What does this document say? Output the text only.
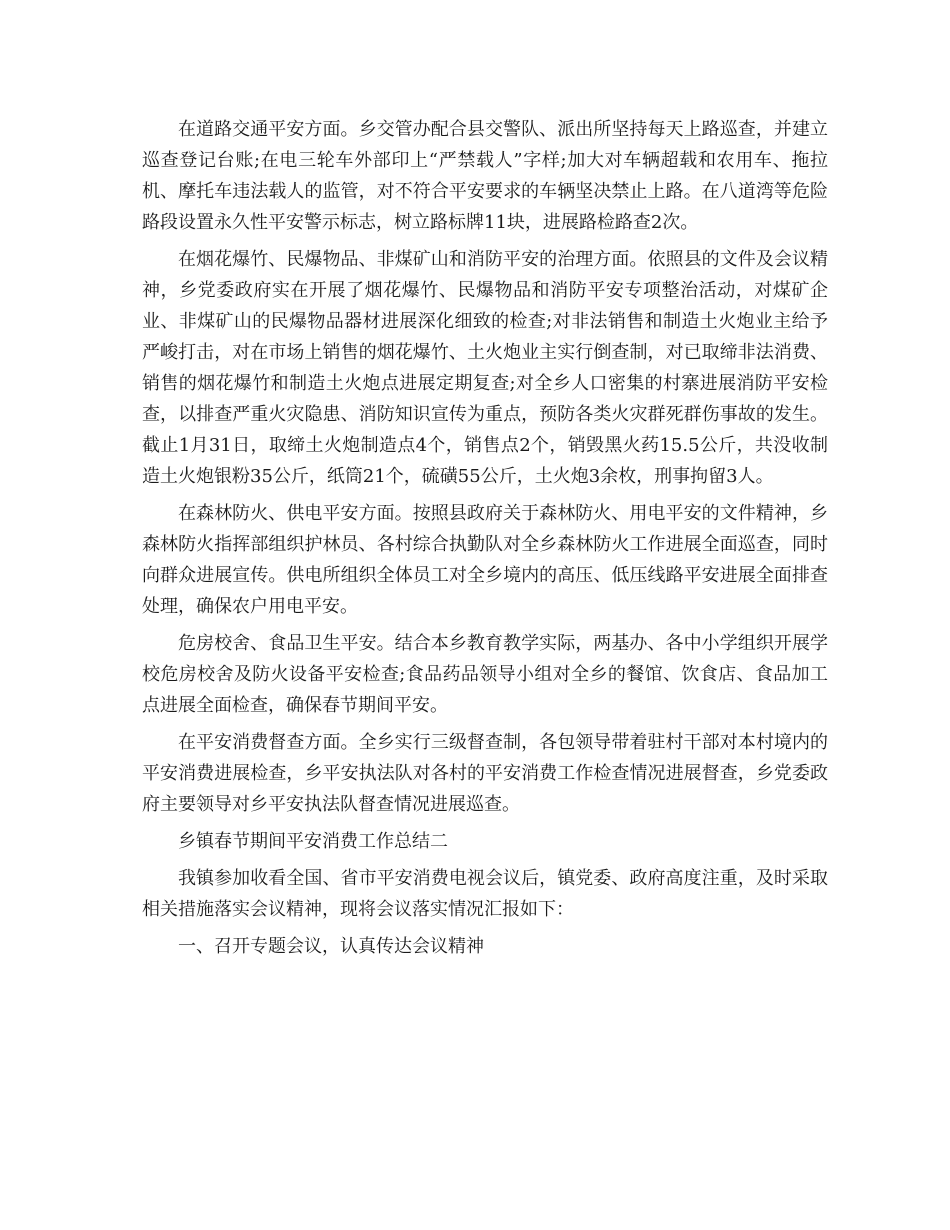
在道路交通平安方面。乡交管办配合县交警队、派出所坚持每天上路巡查，并建立巡查登记台账;在电三轮车外部印上“严禁载人”字样;加大对车辆超载和农用车、拖拉机、摩托车违法载人的监管，对不符合平安要求的车辆坚决禁止上路。在八道湾等危险路段设置永久性平安警示标志，树立路标牌11块，进展路检路查2次。

在烟花爆竹、民爆物品、非煤矿山和消防平安的治理方面。依照县的文件及会议精神，乡党委政府实在开展了烟花爆竹、民爆物品和消防平安专项整治活动，对煤矿企业、非煤矿山的民爆物品器材进展深化细致的检查;对非法销售和制造土火炮业主给予严峻打击，对在市场上销售的烟花爆竹、土火炮业主实行倒查制，对已取缔非法消费、销售的烟花爆竹和制造土火炮点进展定期复查;对全乡人口密集的村寨进展消防平安检查，以排查严重火灾隐患、消防知识宣传为重点，预防各类火灾群死群伤事故的发生。截止1月31日，取缔土火炮制造点4个，销售点2个，销毁黑火药15.5公斤，共没收制造土火炮银粉35公斤，纸筒21个，硫磺55公斤，土火炮3余枚，刑事拘留3人。

在森林防火、供电平安方面。按照县政府关于森林防火、用电平安的文件精神，乡森林防火指挥部组织护林员、各村综合执勤队对全乡森林防火工作进展全面巡查，同时向群众进展宣传。供电所组织全体员工对全乡境内的高压、低压线路平安进展全面排查处理，确保农户用电平安。

危房校舍、食品卫生平安。结合本乡教育教学实际，两基办、各中小学组织开展学校危房校舍及防火设备平安检查;食品药品领导小组对全乡的餐馆、饮食店、食品加工点进展全面检查，确保春节期间平安。

在平安消费督查方面。全乡实行三级督查制，各包领导带着驻村干部对本村境内的平安消费进展检查，乡平安执法队对各村的平安消费工作检查情况进展督查，乡党委政府主要领导对乡平安执法队督查情况进展巡查。

乡镇春节期间平安消费工作总结二

我镇参加收看全国、省市平安消费电视会议后，镇党委、政府高度注重，及时采取相关措施落实会议精神，现将会议落实情况汇报如下：

一、召开专题会议，认真传达会议精神
